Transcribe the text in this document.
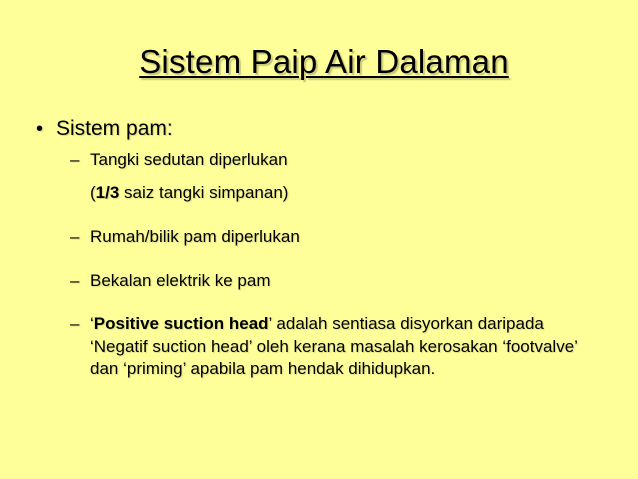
Sistem Paip Air Dalaman
• Sistem pam:
– Tangki sedutan diperlukan
(1/3 saiz tangki simpanan)
– Rumah/bilik pam diperlukan
– Bekalan elektrik ke pam
– ‘Positive suction head’ adalah sentiasa disyorkan daripada ‘Negatif suction head’ oleh kerana masalah kerosakan ‘footvalve’ dan ‘priming’ apabila pam hendak dihidupkan.
